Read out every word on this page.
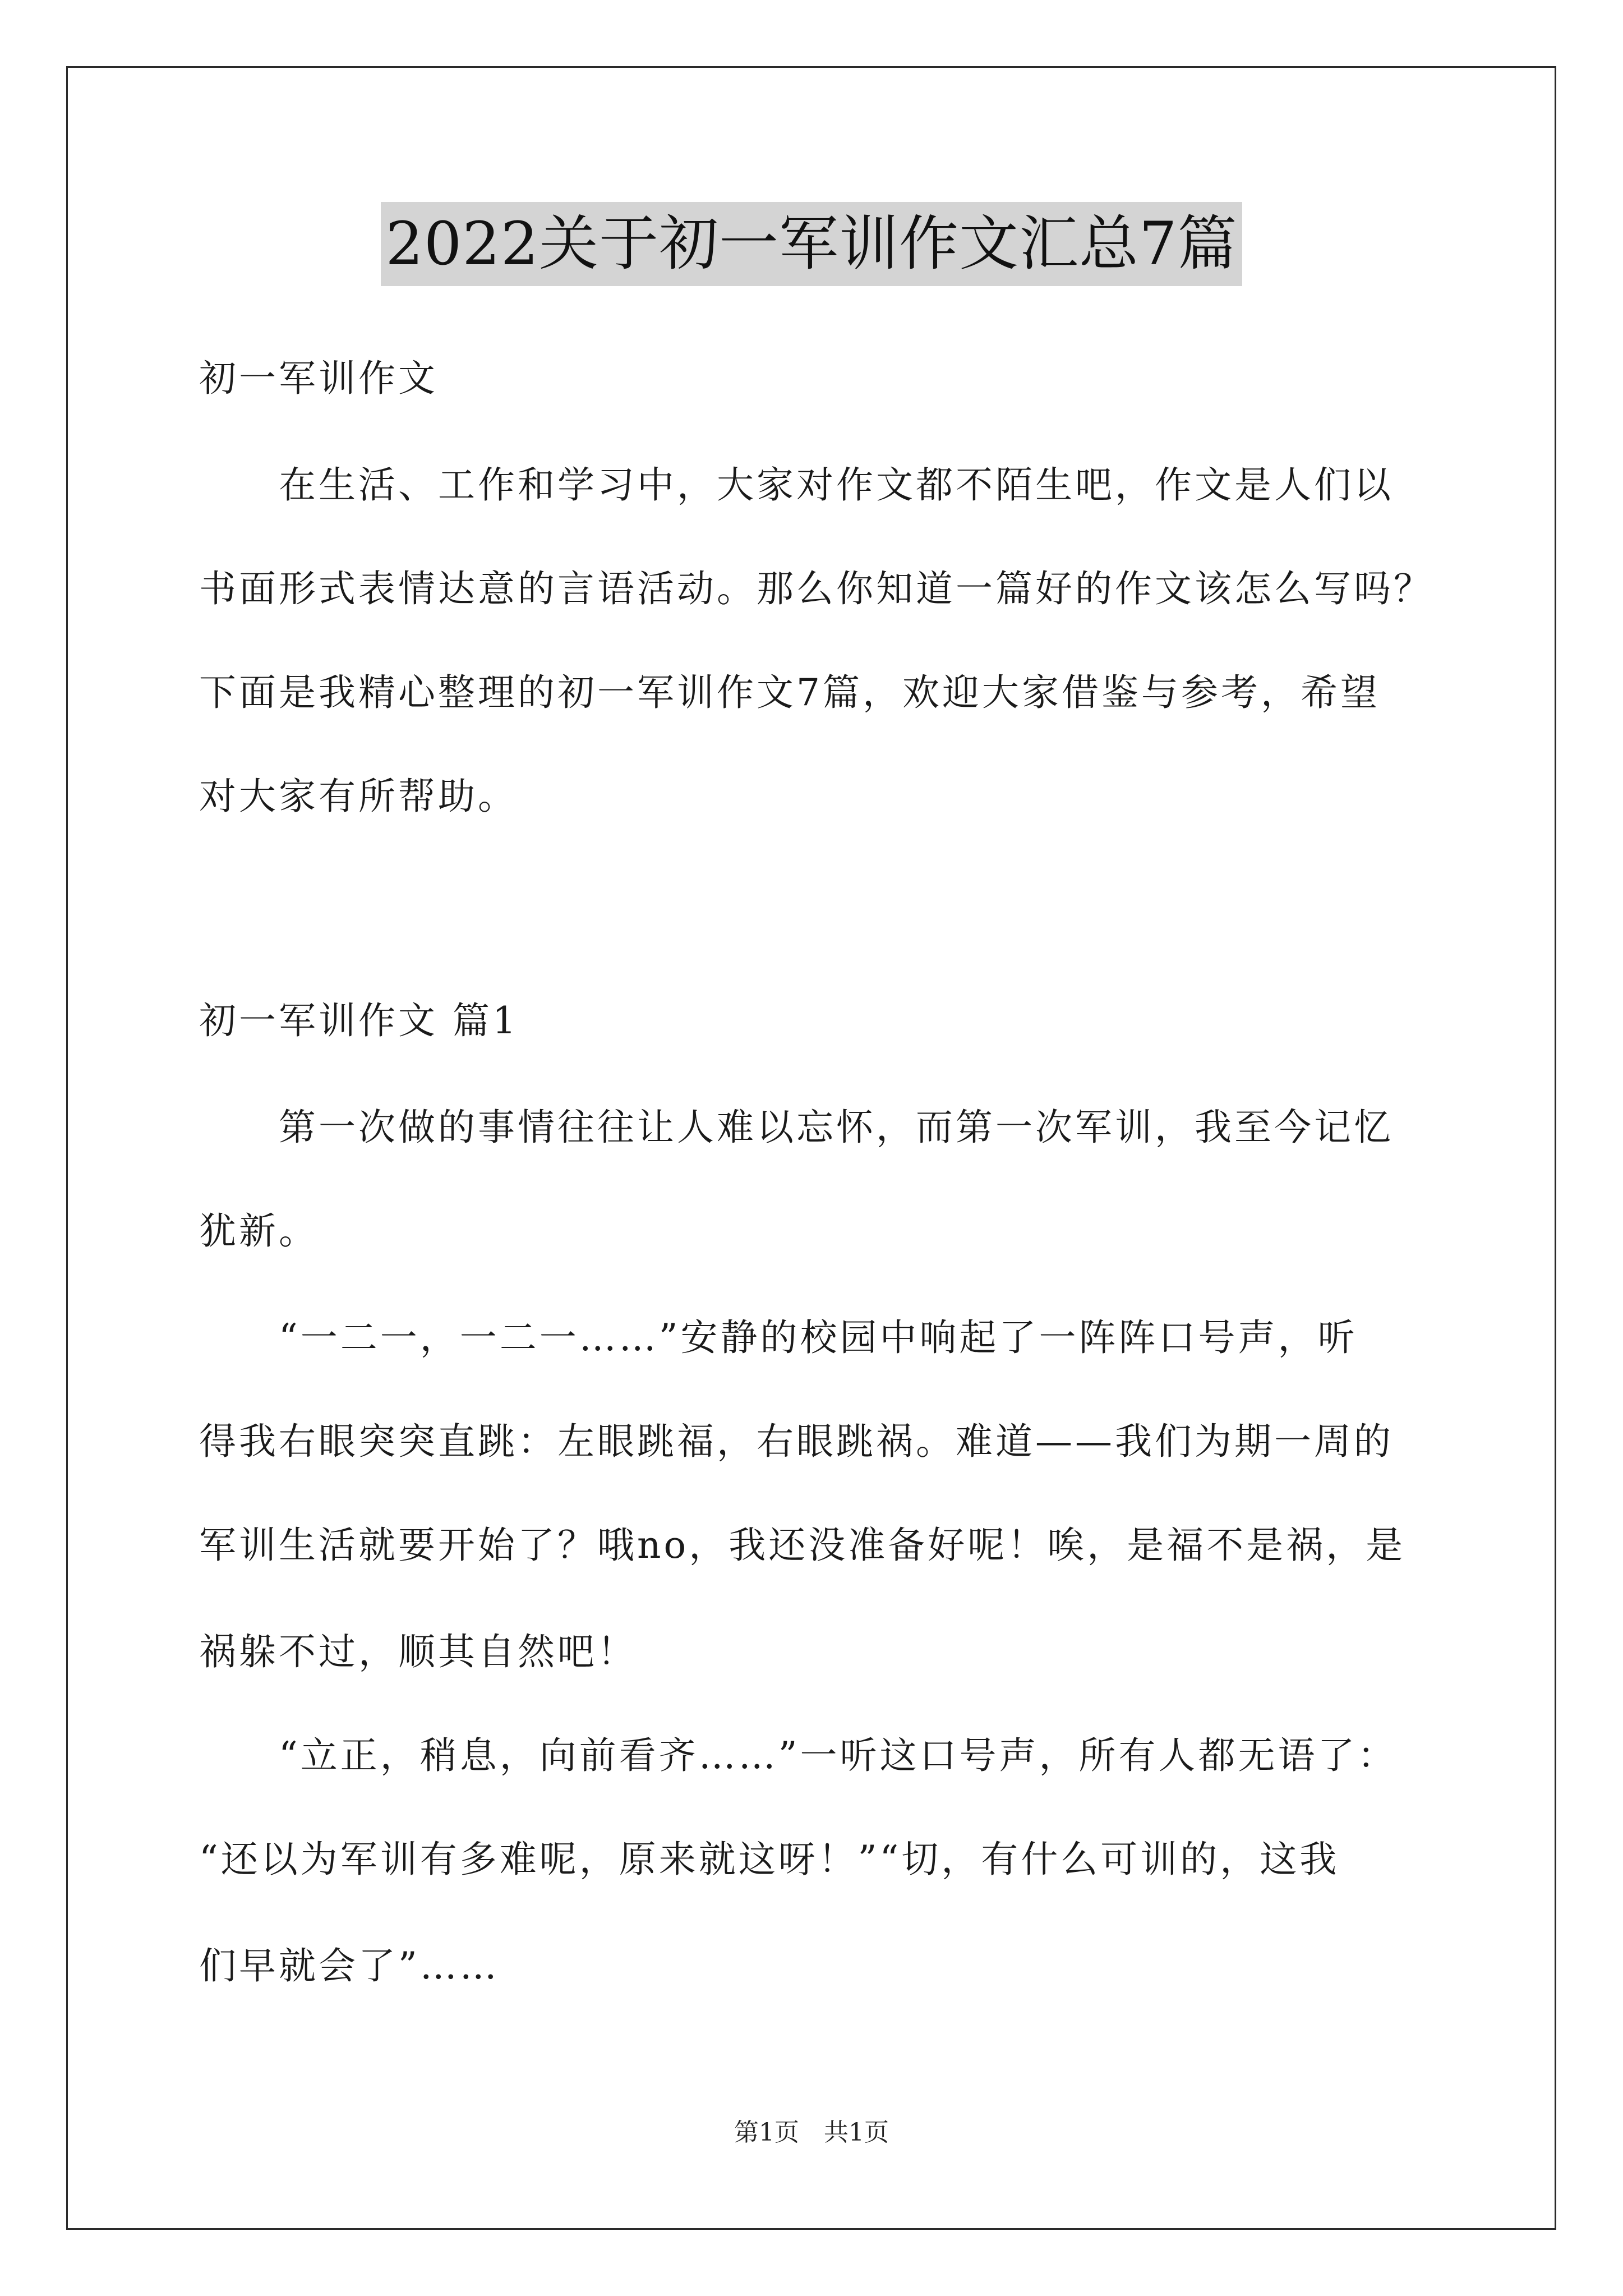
2022关于初一军训作文汇总7篇
初一军训作文
　　在生活、工作和学习中，大家对作文都不陌生吧，作文是人们以
书面形式表情达意的言语活动。那么你知道一篇好的作文该怎么写吗？
下面是我精心整理的初一军训作文7篇，欢迎大家借鉴与参考，希望
对大家有所帮助。
初一军训作文 篇1
　　第一次做的事情往往让人难以忘怀，而第一次军训，我至今记忆
犹新。
　　“一二一，一二一……”安静的校园中响起了一阵阵口号声，听
得我右眼突突直跳：左眼跳福，右眼跳祸。难道——我们为期一周的
军训生活就要开始了？哦no，我还没准备好呢！唉，是福不是祸，是
祸躲不过，顺其自然吧！
　　“立正，稍息，向前看齐……”一听这口号声，所有人都无语了：
“还以为军训有多难呢，原来就这呀！”“切，有什么可训的，这我
们早就会了”……
第1页　共1页
